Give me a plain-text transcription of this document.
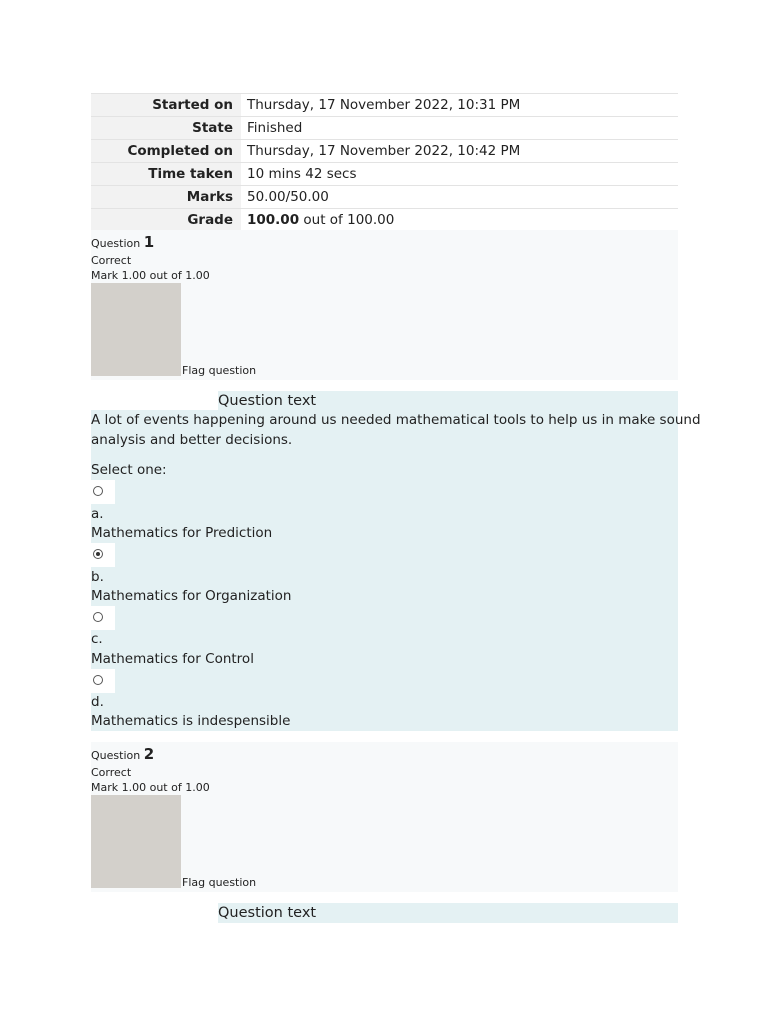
Started on	Thursday, 17 November 2022, 10:31 PM
State	Finished
Completed on	Thursday, 17 November 2022, 10:42 PM
Time taken	10 mins 42 secs
Marks	50.00/50.00
Grade	100.00 out of 100.00
Question 1
Correct
Mark 1.00 out of 1.00
Flag question
Question text
A lot of events happening around us needed mathematical tools to help us in make sound
analysis and better decisions.
Select one:
a.
Mathematics for Prediction
b.
Mathematics for Organization
c.
Mathematics for Control
d.
Mathematics is indespensible
Question 2
Correct
Mark 1.00 out of 1.00
Flag question
Question text
